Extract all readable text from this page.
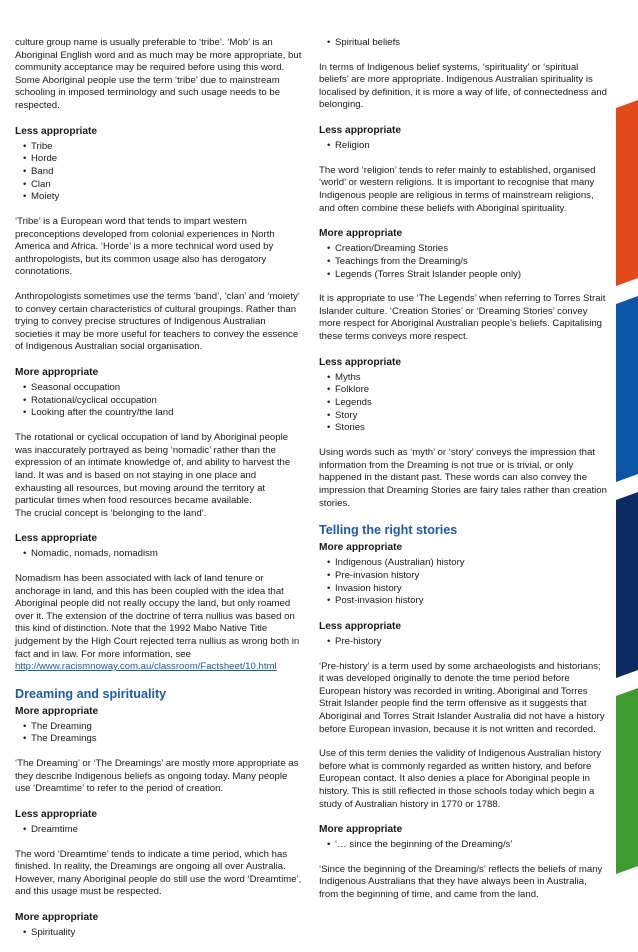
culture group name is usually preferable to ‘tribe’. ‘Mob’ is an Aboriginal English word and as much may be more appropriate, but community acceptance may be required before using this word. Some Aboriginal people use the term ‘tribe’ due to mainstream schooling in imposed terminology and such usage needs to be respected.

Less appropriate
• Tribe
• Horde
• Band
• Clan
• Moiety

‘Tribe’ is a European word that tends to impart western preconceptions developed from colonial experiences in North America and Africa. ‘Horde’ is a more technical word used by anthropologists, but its common usage also has derogatory connotations.

Anthropologists sometimes use the terms ‘band’, ‘clan’ and ‘moiety’ to convey certain characteristics of cultural groupings. Rather than trying to convey precise structures of Indigenous Australian societies it may be more useful for teachers to convey the essence of Indigenous Australian social organisation.

More appropriate
• Seasonal occupation
• Rotational/cyclical occupation
• Looking after the country/the land

The rotational or cyclical occupation of land by Aboriginal people was inaccurately portrayed as being ‘nomadic’ rather than the expression of an intimate knowledge of, and ability to harvest the land. It was and is based on not staying in one place and exhausting all resources, but moving around the territory at particular times when food resources became available.
The crucial concept is ‘belonging to the land’.

Less appropriate
• Nomadic, nomads, nomadism

Nomadism has been associated with lack of land tenure or anchorage in land, and this has been coupled with the idea that Aboriginal people did not really occupy the land, but only roamed over it. The extension of the doctrine of terra nullius was based on this kind of distinction. Note that the 1992 Mabo Native Title judgement by the High Court rejected terra nullius as wrong both in fact and in law. For more information, see
http://www.racismnoway.com.au/classroom/Factsheet/10.html

Dreaming and spirituality
More appropriate
• The Dreaming
• The Dreamings

‘The Dreaming’ or ‘The Dreamings’ are mostly more appropriate as they describe Indigenous beliefs as ongoing today. Many people use ‘Dreamtime’ to refer to the period of creation.

Less appropriate
• Dreamtime

The word ‘Dreamtime’ tends to indicate a time period, which has finished. In reality, the Dreamings are ongoing all over Australia. However, many Aboriginal people do still use the word ‘Dreamtime’, and this usage must be respected.

More appropriate
• Spirituality
• Spiritual beliefs

In terms of Indigenous belief systems, ‘spirituality’ or ‘spiritual beliefs’ are more appropriate. Indigenous Australian spirituality is localised by definition, it is more a way of life, of connectedness and belonging.

Less appropriate
• Religion

The word ‘religion’ tends to refer mainly to established, organised ‘world’ or western religions. It is important to recognise that many Indigenous people are religious in terms of mainstream religions, and often combine these beliefs with Aboriginal spirituality.

More appropriate
• Creation/Dreaming Stories
• Teachings from the Dreaming/s
• Legends (Torres Strait Islander people only)

It is appropriate to use ‘The Legends’ when referring to Torres Strait Islander culture. ‘Creation Stories’ or ‘Dreaming Stories’ convey more respect for Aboriginal Australian people’s beliefs. Capitalising these terms conveys more respect.

Less appropriate
• Myths
• Folklore
• Legends
• Story
• Stories

Using words such as ‘myth’ or ‘story’ conveys the impression that information from the Dreaming is not true or is trivial, or only happened in the distant past. These words can also convey the impression that Dreaming Stories are fairy tales rather than creation stories.

Telling the right stories
More appropriate
• Indigenous (Australian) history
• Pre-invasion history
• Invasion history
• Post-invasion history
Less appropriate
• Pre-history

‘Pre-history’ is a term used by some archaeologists and historians; it was developed originally to denote the time period before European history was recorded in writing. Aboriginal and Torres Strait Islander people find the term offensive as it suggests that Aboriginal and Torres Strait Islander Australia did not have a history before European invasion, because it is not written and recorded.

Use of this term denies the validity of Indigenous Australian history before what is commonly regarded as written history, and before European contact. It also denies a place for Aboriginal people in history. This is still reflected in those schools today which begin a study of Australian history in 1770 or 1788.

More appropriate
• ‘… since the beginning of the Dreaming/s’

‘Since the beginning of the Dreaming/s’ reflects the beliefs of many Indigenous Australians that they have always been in Australia, from the beginning of time, and came from the land.
